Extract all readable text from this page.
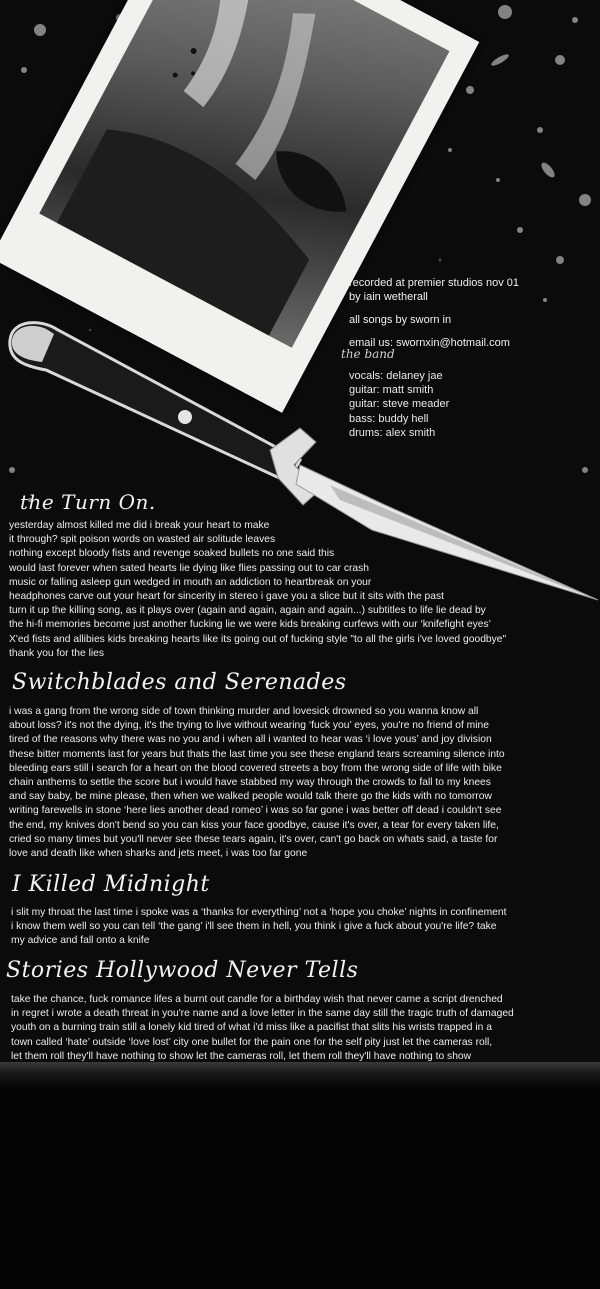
recorded at premier studios nov 01

by iain wetherall

all songs by sworn in

email us: swornxin@hotmail.com

the band
vocals: delaney jae
guitar: matt smith
guitar: steve meader
bass: buddy hell
drums: alex smith
the Turn On.
yesterday almost killed me did i break your heart to make
it through? spit poison words on wasted air solitude leaves
nothing except bloody fists and revenge soaked bullets no one said this
would last forever when sated hearts lie dying like flies passing out to car crash
music or falling asleep gun wedged in mouth an addiction to heartbreak on your
headphones carve out your heart for sincerity in stereo i gave you a slice but it sits with the past
turn it up the killing song, as it plays over (again and again, again and again...) subtitles to life lie dead by
the hi-fi memories become just another fucking lie we were kids breaking curfews with our ‘knifefight eyes’
X'ed fists and allibies kids breaking hearts like its going out of fucking style "to all the girls i've loved goodbye"
thank you for the lies
Switchblades and Serenades
i was a gang from the wrong side of town thinking murder and lovesick drowned so you wanna know all
about loss? it's not the dying, it's the trying to live without wearing ‘fuck you’ eyes, you're no friend of mine
tired of the reasons why there was no you and i when all i wanted to hear was ‘i love yous’ and joy division
these bitter moments last for years but thats the last time you see these england tears screaming silence into
bleeding ears still i search for a heart on the blood covered streets a boy from the wrong side of life with bike
chain anthems to settle the score but i would have stabbed my way through the crowds to fall to my knees
and say baby, be mine please, then when we walked people would talk there go the kids with no tomorrow
writing farewells in stone ‘here lies another dead romeo’ i was so far gone i was better off dead i couldn't see
the end, my knives don't bend so you can kiss your face goodbye, cause it's over, a tear for every taken life,
cried so many times but you'll never see these tears again, it's over, can't go back on whats said, a taste for
love and death like when sharks and jets meet, i was too far gone
I Killed Midnight
i slit my throat the last time i spoke was a ‘thanks for everything’ not a ‘hope you choke’ nights in confinement
i know them well so you can tell ‘the gang’ i'll see them in hell, you think i give a fuck about you're life? take
my advice and fall onto a knife
Stories Hollywood Never Tells
take the chance, fuck romance lifes a burnt out candle for a birthday wish that never came a script drenched
in regret i wrote a death threat in you're name and a love letter in the same day still the tragic truth of damaged
youth on a burning train still a lonely kid tired of what i'd miss like a pacifist that slits his wrists trapped in a
town called ‘hate’ outside ‘love lost’ city one bullet for the pain one for the self pity just let the cameras roll,
let them roll they'll have nothing to show let the cameras roll, let them roll they'll have nothing to show
